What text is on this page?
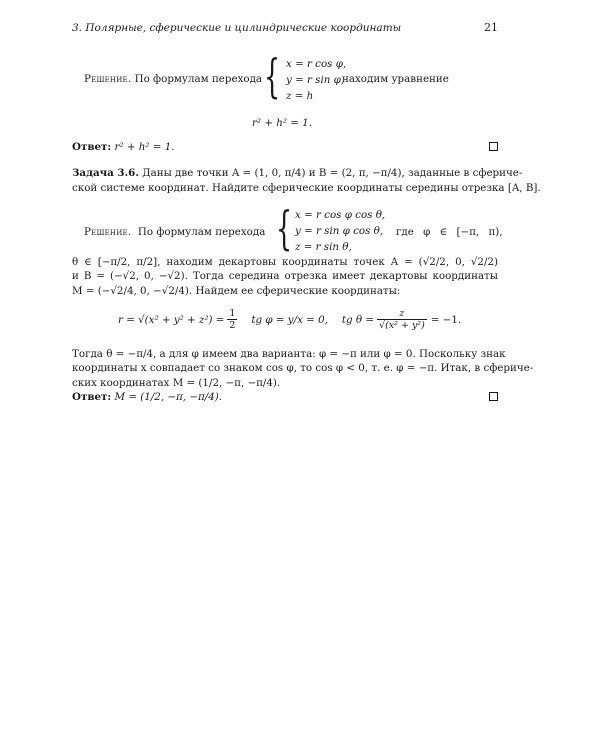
3. Полярные, сферические и цилиндрические координаты	21
Решение. По формулам перехода { x = r cos φ,
y = r sin φ,
z = h
находим уравнение
r² + h² = 1.
Ответ: r² + h² = 1.
Задача 3.6. Даны две точки A = (1, 0, π/4) и B = (2, π, −π/4), заданные в сфериче-
ской системе координат. Найдите сферические координаты середины отрезка [A, B].
Решение. По формулам перехода { x = r cos φ cos θ,
y = r sin φ cos θ,
z = r sin θ,
где φ ∈ [−π, π),
θ ∈ [−π/2, π/2], находим декартовы координаты точек A = (√2/2, 0, √2/2)
и B = (−√2, 0, −√2). Тогда середина отрезка имеет декартовы координаты
M = (−√2/4, 0, −√2/4). Найдем ее сферические координаты:
$r = √(x^2 + y^2 + z^2) = \frac{1}{2}$ tg φ = y/x = 0, tg $\theta = \frac{z}{\text{√(x² + y²)}} = -1$.
Тогда θ = −π/4, а для φ имеем два варианта: φ = −π или φ = 0. Поскольку знак
координаты x совпадает со знаком cos φ, то cos φ < 0, т. е. φ = −π. Итак, в сфериче-
ских координатах M = (1/2, −π, −π/4).
Ответ: M = (1/2, −π, −π/4).
